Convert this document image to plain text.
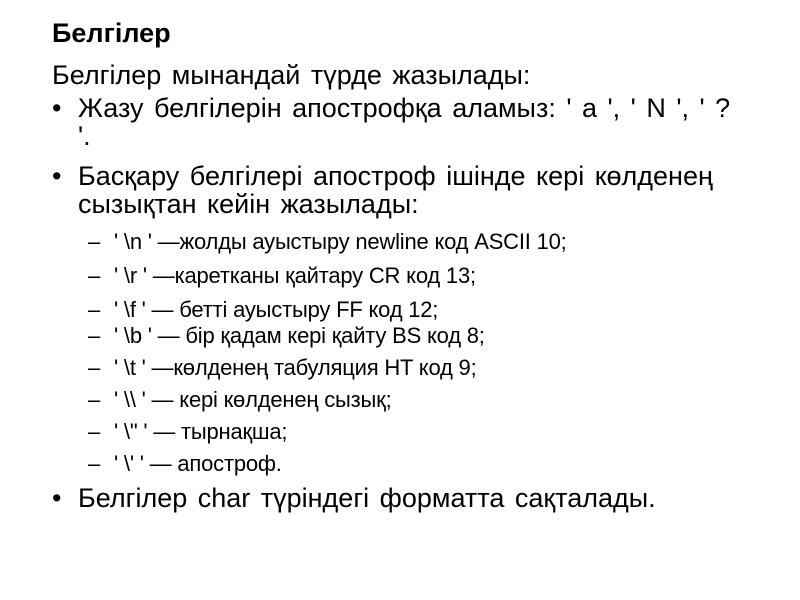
Белгілер
Белгілер мынандай түрде жазылады:
• Жазу белгілерін апострофқа аламыз: ' a ', ' N ', ' ? '.
• Басқару белгілері апостроф ішінде кері көлденең сызықтан кейін жазылады:
– ' \n ' —жолды ауыстыру newline код ASCII 10;
– ' \r ' —каретканы қайтару CR код 13;
– ' \f ' — бетті ауыстыру FF код 12;
– ' \b ' — бір қадам кері қайту BS код 8;
– ' \t ' —көлденең табуляция HT код 9;
– ' \\ ' — кері көлденең сызық;
– ' \" ' — тырнақша;
– ' \' ' — апостроф.
• Белгілер char түріндегі форматта сақталады.
